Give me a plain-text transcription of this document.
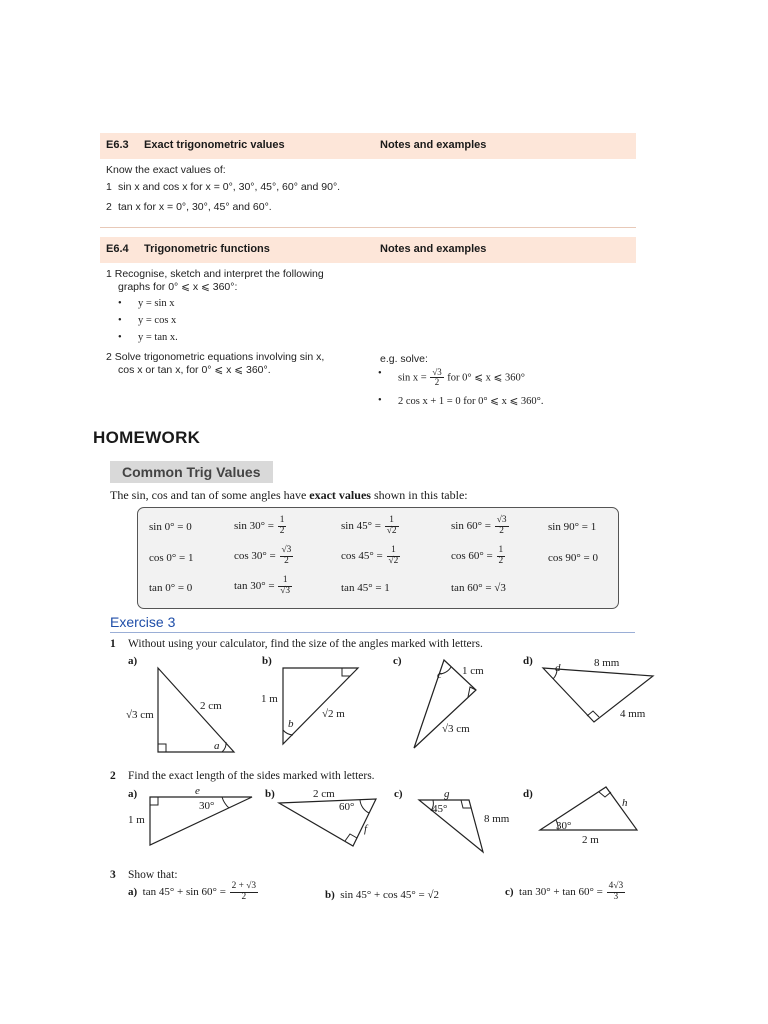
E6.3 Exact trigonometric values	Notes and examples
Know the exact values of:
1 sin x and cos x for x = 0°, 30°, 45°, 60° and 90°.
2 tan x for x = 0°, 30°, 45° and 60°.
E6.4 Trigonometric functions	Notes and examples
1 Recognise, sketch and interpret the following
graphs for 0° ⩽ x ⩽ 360°:
• y = sin x
• y = cos x
• y = tan x.
2 Solve trigonometric equations involving sin x,
cos x or tan x, for 0° ⩽ x ⩽ 360°.
e.g. solve:
• $\sin x = \frac{√3}{2}$ for 0° ⩽ x ⩽ 360°
• 2 cos x + 1 = 0 for 0° ⩽ x ⩽ 360°.
HOMEWORK
Common Trig Values
The sin, cos and tan of some angles have exact values shown in this table:
sin 0° = 0	$\sin 30^\circ = \frac{1}{2}$	$\sin 45^\circ = \frac{1}{√2}$	$\sin 60^\circ = \frac{√3}{2}$	sin 90° = 1
cos 0° = 1	$\cos 30^\circ = \frac{√3}{2}$	$\cos 45^\circ = \frac{1}{√2}$	$\cos 60^\circ = \frac{1}{2}$	cos 90° = 0
tan 0° = 0	$\tan 30^\circ = \frac{1}{√3}$	tan 45° = 1	tan 60° = √3
Exercise 3
1 Without using your calculator, find the size of the angles marked with letters.
a)	b)	c)	d)
2 cm
√3 cm
a
1 m
√2 m
b
1 cm
√3 cm
c
8 mm
4 mm
d
2 Find the exact length of the sides marked with letters.
a)	b)	c)	d)
e
30°
1 m
2 cm
60°
f
g
45°
8 mm
h
30°
2 m
3 Show that:
a) $\tan 45^\circ + \sin 60^\circ = \frac{2 + √3}{2}$	b) sin 45° + cos 45° = √2	c) $\tan 30^\circ + \tan 60^\circ = \frac{4√3}{3}$
